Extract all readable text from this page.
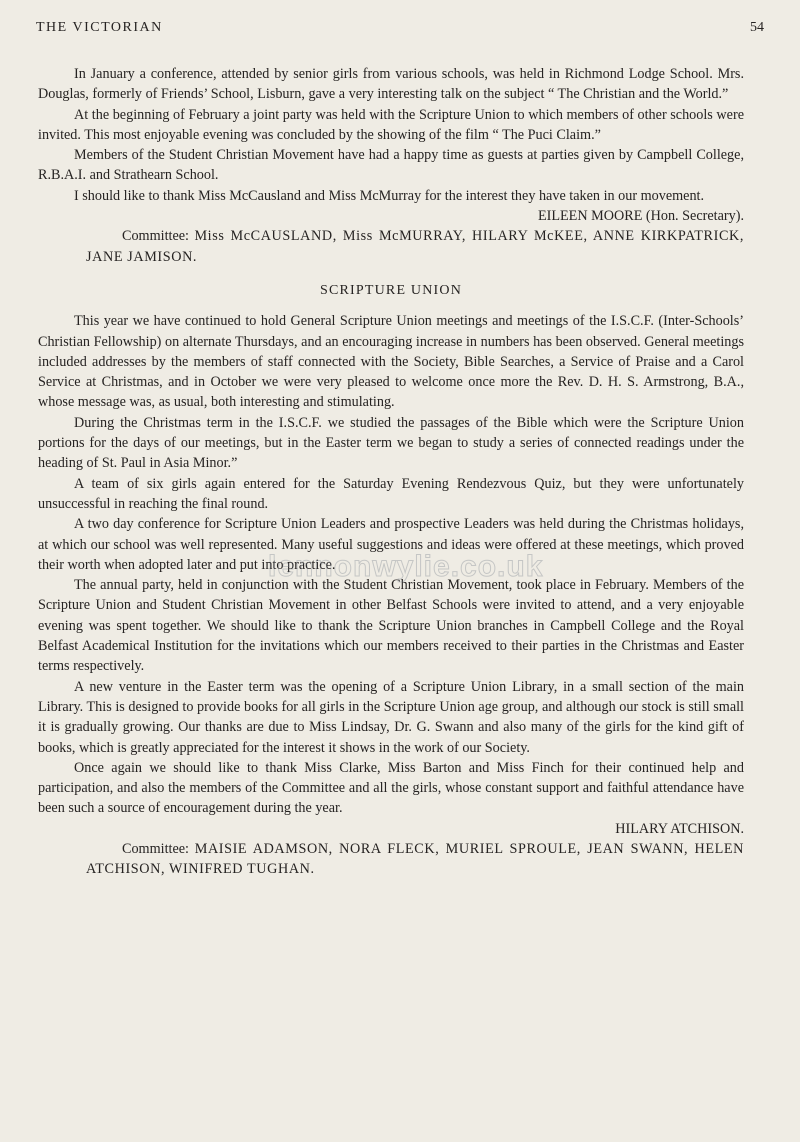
THE VICTORIAN	54

In January a conference, attended by senior girls from various schools, was held in Richmond Lodge School. Mrs. Douglas, formerly of Friends’ School, Lisburn, gave a very interesting talk on the subject “ The Christian and the World.”

At the beginning of February a joint party was held with the Scripture Union to which members of other schools were invited. This most enjoyable evening was concluded by the showing of the film “ The Puci Claim.”

Members of the Student Christian Movement have had a happy time as guests at parties given by Campbell College, R.B.A.I. and Strathearn School.

I should like to thank Miss McCausland and Miss McMurray for the interest they have taken in our movement.

EILEEN MOORE (Hon. Secretary).

Committee: Miss McCAUSLAND, Miss McMURRAY, HILARY McKEE, ANNE KIRKPATRICK, JANE JAMISON.

SCRIPTURE UNION

This year we have continued to hold General Scripture Union meetings and meetings of the I.S.C.F. (Inter-Schools’ Christian Fellowship) on alternate Thursdays, and an encouraging increase in numbers has been observed. General meetings included addresses by the members of staff connected with the Society, Bible Searches, a Service of Praise and a Carol Service at Christmas, and in October we were very pleased to welcome once more the Rev. D. H. S. Armstrong, B.A., whose message was, as usual, both interesting and stimulating.

During the Christmas term in the I.S.C.F. we studied the passages of the Bible which were the Scripture Union portions for the days of our meetings, but in the Easter term we began to study a series of connected readings under the heading of St. Paul in Asia Minor.”

A team of six girls again entered for the Saturday Evening Rendezvous Quiz, but they were unfortunately unsuccessful in reaching the final round.

A two day conference for Scripture Union Leaders and prospective Leaders was held during the Christmas holidays, at which our school was well represented. Many useful suggestions and ideas were offered at these meetings, which proved their worth when adopted later and put into practice.

The annual party, held in conjunction with the Student Christian Movement, took place in February. Members of the Scripture Union and Student Christian Movement in other Belfast Schools were invited to attend, and a very enjoyable evening was spent together. We should like to thank the Scripture Union branches in Campbell College and the Royal Belfast Academical Institution for the invitations which our members received to their parties in the Christmas and Easter terms respectively.

A new venture in the Easter term was the opening of a Scripture Union Library, in a small section of the main Library. This is designed to provide books for all girls in the Scripture Union age group, and although our stock is still small it is gradually growing. Our thanks are due to Miss Lindsay, Dr. G. Swann and also many of the girls for the kind gift of books, which is greatly appreciated for the interest it shows in the work of our Society.

Once again we should like to thank Miss Clarke, Miss Barton and Miss Finch for their continued help and participation, and also the members of the Committee and all the girls, whose constant support and faithful attendance have been such a source of encouragement during the year.

HILARY ATCHISON.

Committee: MAISIE ADAMSON, NORA FLECK, MURIEL SPROULE, JEAN SWANN, HELEN ATCHISON, WINIFRED TUGHAN.

lennonwylie.co.uk
